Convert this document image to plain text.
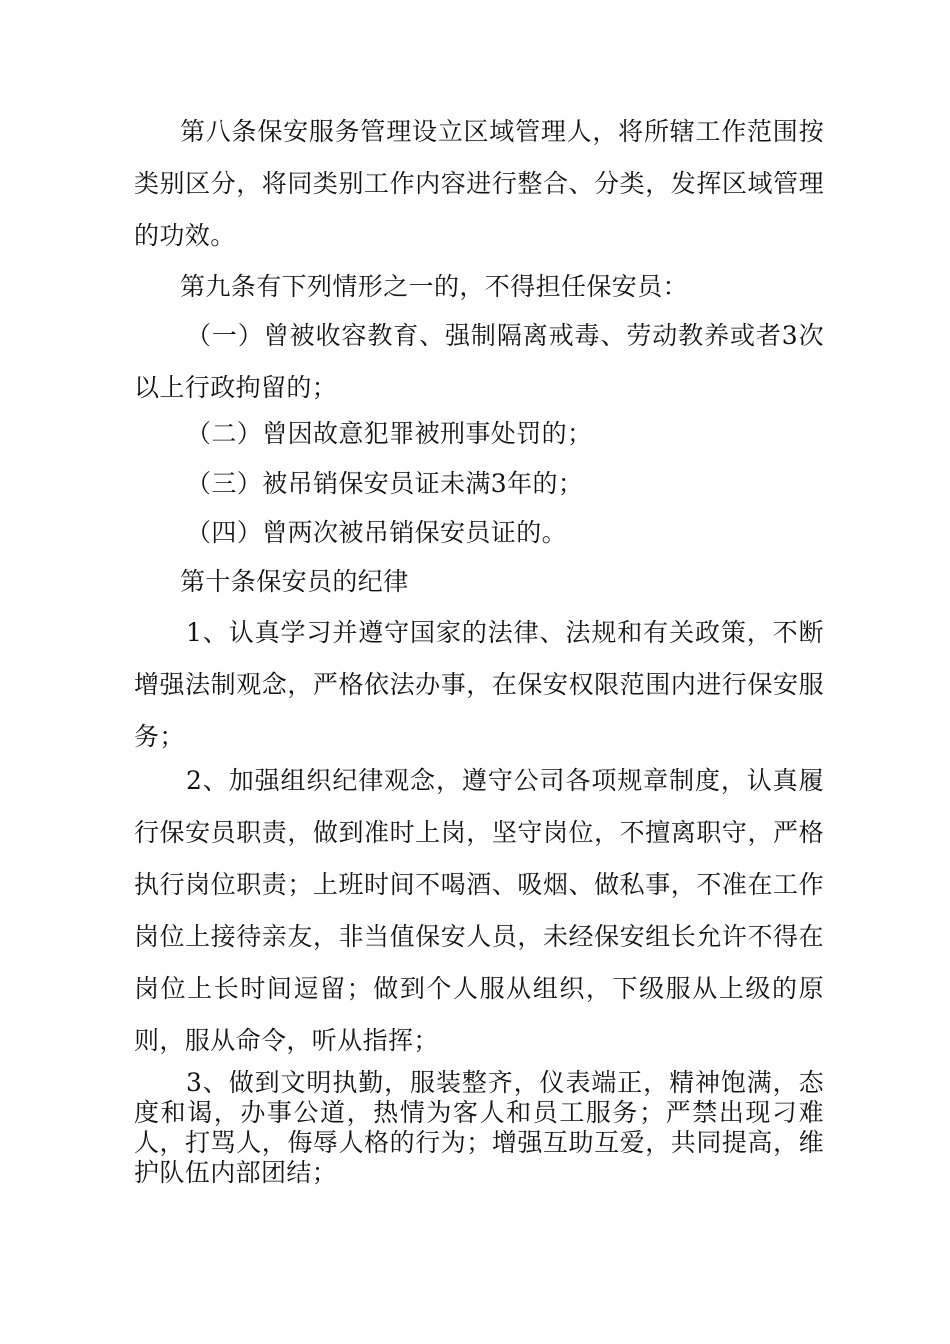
第八条保安服务管理设立区域管理人，将所辖工作范围按类别区分，将同类别工作内容进行整合、分类，发挥区域管理的功效。

第九条有下列情形之一的，不得担任保安员：

（一）曾被收容教育、强制隔离戒毒、劳动教养或者3次以上行政拘留的；

（二）曾因故意犯罪被刑事处罚的；

（三）被吊销保安员证未满3年的；

（四）曾两次被吊销保安员证的。

第十条保安员的纪律

1、认真学习并遵守国家的法律、法规和有关政策，不断增强法制观念，严格依法办事，在保安权限范围内进行保安服务；

2、加强组织纪律观念，遵守公司各项规章制度，认真履行保安员职责，做到准时上岗，坚守岗位，不擅离职守，严格执行岗位职责；上班时间不喝酒、吸烟、做私事，不准在工作岗位上接待亲友，非当值保安人员，未经保安组长允许不得在岗位上长时间逗留；做到个人服从组织，下级服从上级的原则，服从命令，听从指挥；

3、做到文明执勤，服装整齐，仪表端正，精神饱满，态度和谒，办事公道，热情为客人和员工服务；严禁出现刁难人，打骂人，侮辱人格的行为；增强互助互爱，共同提高，维护队伍内部团结；
